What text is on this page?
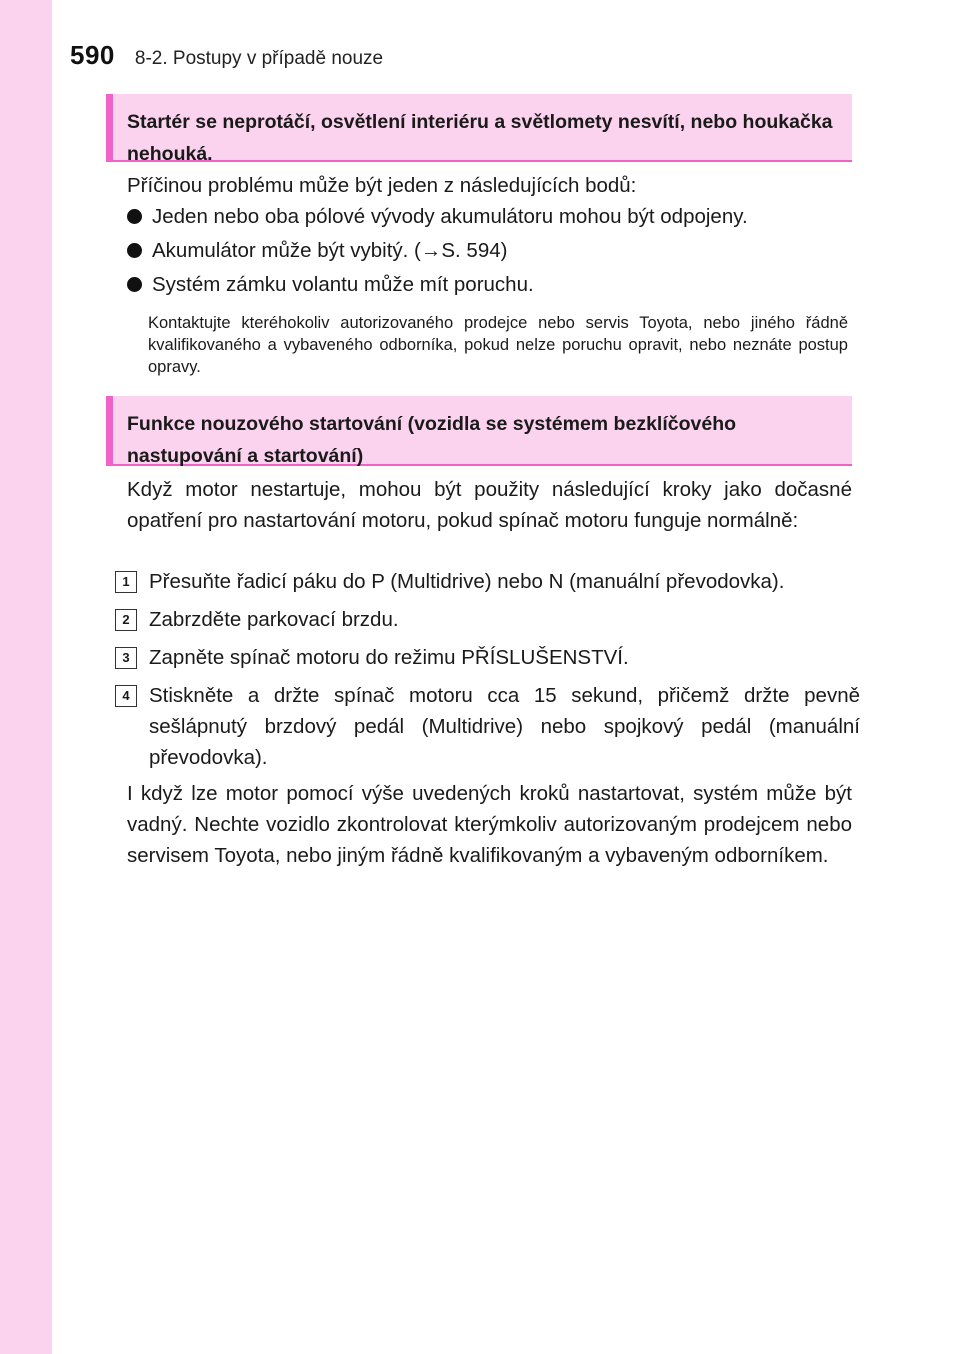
590 8-2. Postupy v případě nouze
Startér se neprotáčí, osvětlení interiéru a světlomety nesvítí, nebo houkačka nehouká.
Příčinou problému může být jeden z následujících bodů:
Jeden nebo oba pólové vývody akumulátoru mohou být odpojeny.
Akumulátor může být vybitý. (→S. 594)
Systém zámku volantu může mít poruchu.
Kontaktujte kteréhokoliv autorizovaného prodejce nebo servis Toyota, nebo jiného řádně kvalifikovaného a vybaveného odborníka, pokud nelze poruchu opravit, nebo neznáte postup opravy.
Funkce nouzového startování (vozidla se systémem bezklíčového nastupování a startování)
Když motor nestartuje, mohou být použity následující kroky jako dočasné opatření pro nastartování motoru, pokud spínač motoru funguje normálně:
1 Přesuňte řadicí páku do P (Multidrive) nebo N (manuální převodovka).
2 Zabrzděte parkovací brzdu.
3 Zapněte spínač motoru do režimu PŘÍSLUŠENSTVÍ.
4 Stiskněte a držte spínač motoru cca 15 sekund, přičemž držte pevně sešlápnutý brzdový pedál (Multidrive) nebo spojkový pedál (manuální převodovka).
I když lze motor pomocí výše uvedených kroků nastartovat, systém může být vadný. Nechte vozidlo zkontrolovat kterýmkoliv autorizovaným prodejcem nebo servisem Toyota, nebo jiným řádně kvalifikovaným a vybaveným odborníkem.
